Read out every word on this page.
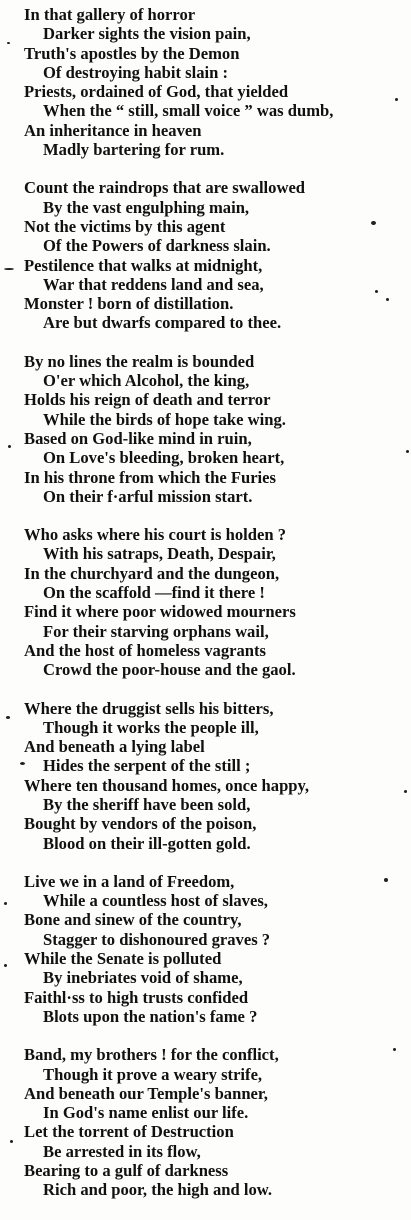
In that gallery of horror
Darker sights the vision pain,
Truth's apostles by the Demon
Of destroying habit slain :
Priests, ordained of God, that yielded
When the “ still, small voice ” was dumb,
An inheritance in heaven
Madly bartering for rum.
Count the raindrops that are swallowed
By the vast engulphing main,
Not the victims by this agent
Of the Powers of darkness slain.
Pestilence that walks at midnight,
War that reddens land and sea,
Monster ! born of distillation.
Are but dwarfs compared to thee.
By no lines the realm is bounded
O'er which Alcohol, the king,
Holds his reign of death and terror
While the birds of hope take wing.
Based on God-like mind in ruin,
On Love's bleeding, broken heart,
In his throne from which the Furies
On their f·arful mission start.
Who asks where his court is holden ?
With his satraps, Death, Despair,
In the churchyard and the dungeon,
On the scaffold —find it there !
Find it where poor widowed mourners
For their starving orphans wail,
And the host of homeless vagrants
Crowd the poor-house and the gaol.
Where the druggist sells his bitters,
Though it works the people ill,
And beneath a lying label
Hides the serpent of the still ;
Where ten thousand homes, once happy,
By the sheriff have been sold,
Bought by vendors of the poison,
Blood on their ill-gotten gold.
Live we in a land of Freedom,
While a countless host of slaves,
Bone and sinew of the country,
Stagger to dishonoured graves ?
While the Senate is polluted
By inebriates void of shame,
Faithl·ss to high trusts confided
Blots upon the nation's fame ?
Band, my brothers ! for the conflict,
Though it prove a weary strife,
And beneath our Temple's banner,
In God's name enlist our life.
Let the torrent of Destruction
Be arrested in its flow,
Bearing to a gulf of darkness
Rich and poor, the high and low.
